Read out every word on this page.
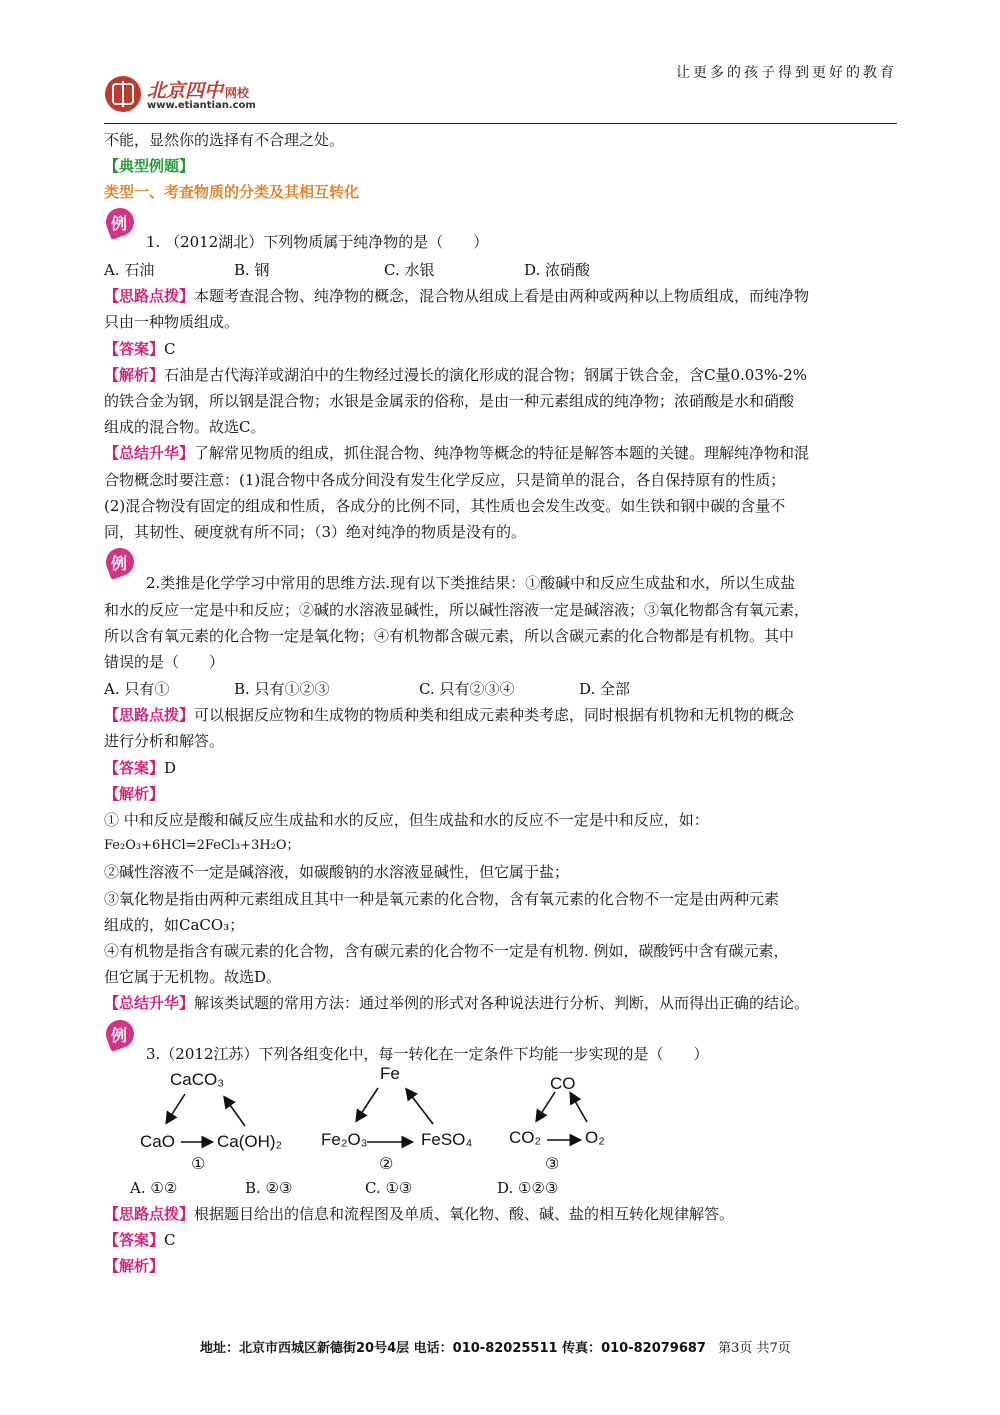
让更多的孩子得到更好的教育
北京四中 网校
www.etiantian.com
不能，显然你的选择有不合理之处。
【典型例题】
类型一、考查物质的分类及其相互转化
例
1. （2012湖北）下列物质属于纯净物的是（　　）
A. 石油	B. 钢	C. 水银	D. 浓硝酸
【思路点拨】本题考查混合物、纯净物的概念，混合物从组成上看是由两种或两种以上物质组成，而纯净物
只由一种物质组成。
【答案】C
【解析】石油是古代海洋或湖泊中的生物经过漫长的演化形成的混合物；钢属于铁合金，含C量0.03%-2%
的铁合金为钢，所以钢是混合物；水银是金属汞的俗称，是由一种元素组成的纯净物；浓硝酸是水和硝酸
组成的混合物。故选C。
【总结升华】了解常见物质的组成，抓住混合物、纯净物等概念的特征是解答本题的关键。理解纯净物和混
合物概念时要注意：(1)混合物中各成分间没有发生化学反应，只是简单的混合，各自保持原有的性质；
(2)混合物没有固定的组成和性质，各成分的比例不同，其性质也会发生改变。如生铁和钢中碳的含量不
同，其韧性、硬度就有所不同；（3）绝对纯净的物质是没有的。
例
2.类推是化学学习中常用的思维方法.现有以下类推结果：①酸碱中和反应生成盐和水，所以生成盐
和水的反应一定是中和反应；②碱的水溶液显碱性，所以碱性溶液一定是碱溶液；③氧化物都含有氧元素，
所以含有氧元素的化合物一定是氧化物；④有机物都含碳元素，所以含碳元素的化合物都是有机物。其中
错误的是（　　）
A. 只有①	B. 只有①②③	C. 只有②③④	D. 全部
【思路点拨】可以根据反应物和生成物的物质种类和组成元素种类考虑，同时根据有机物和无机物的概念
进行分析和解答。
【答案】D
【解析】
① 中和反应是酸和碱反应生成盐和水的反应，但生成盐和水的反应不一定是中和反应，如：
Fe₂O₃+6HCl=2FeCl₃+3H₂O；
②碱性溶液不一定是碱溶液，如碳酸钠的水溶液显碱性，但它属于盐；
③氧化物是指由两种元素组成且其中一种是氧元素的化合物，含有氧元素的化合物不一定是由两种元素
组成的，如CaCO₃；
④有机物是指含有碳元素的化合物，含有碳元素的化合物不一定是有机物. 例如，碳酸钙中含有碳元素，
但它属于无机物。故选D。
【总结升华】解该类试题的常用方法：通过举例的形式对各种说法进行分析、判断，从而得出正确的结论。
例
3.（2012江苏）下列各组变化中，每一转化在一定条件下均能一步实现的是（　　）
CaCO₃
CaO Ca(OH)₂
①
Fe
Fe₂O₃	FeSO₄
②
CO
CO₂	O₂
③
A. ①②	B. ②③	C. ①③	D. ①②③
【思路点拨】根据题目给出的信息和流程图及单质、氧化物、酸、碱、盐的相互转化规律解答。
【答案】C
【解析】
地址：北京市西城区新德街20号4层 电话：010-82025511 传真：010-82079687 第3页 共7页
